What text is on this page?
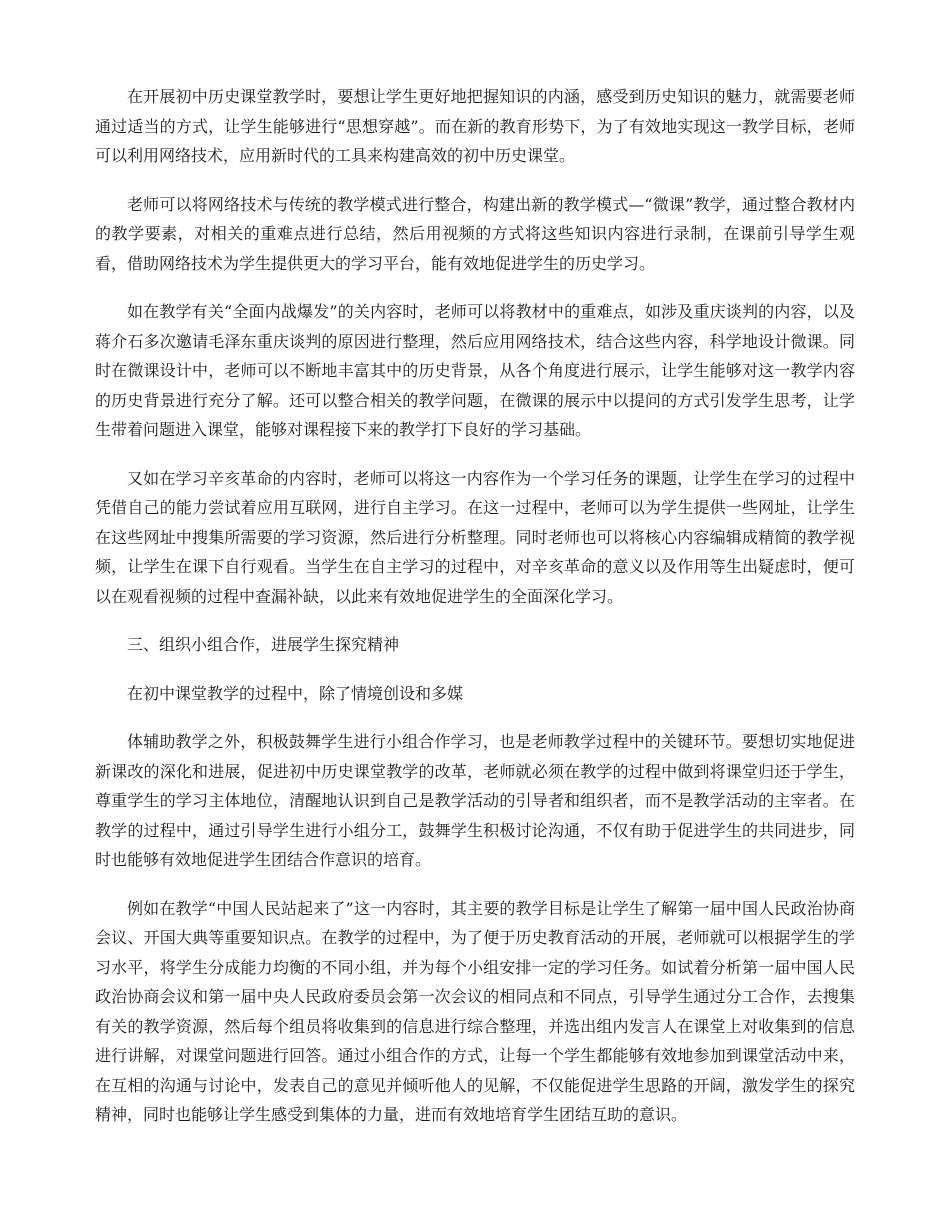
在开展初中历史课堂教学时，要想让学生更好地把握知识的内涵，感受到历史知识的魅力，就需要老师通过适当的方式，让学生能够进行“思想穿越”。而在新的教育形势下，为了有效地实现这一教学目标，老师可以利用网络技术，应用新时代的工具来构建高效的初中历史课堂。

老师可以将网络技术与传统的教学模式进行整合，构建出新的教学模式—“微课”教学，通过整合教材内的教学要素，对相关的重难点进行总结，然后用视频的方式将这些知识内容进行录制，在课前引导学生观看，借助网络技术为学生提供更大的学习平台，能有效地促进学生的历史学习。

如在教学有关“全面内战爆发”的关内容时，老师可以将教材中的重难点，如涉及重庆谈判的内容，以及蒋介石多次邀请毛泽东重庆谈判的原因进行整理，然后应用网络技术，结合这些内容，科学地设计微课。同时在微课设计中，老师可以不断地丰富其中的历史背景，从各个角度进行展示，让学生能够对这一教学内容的历史背景进行充分了解。还可以整合相关的教学问题，在微课的展示中以提问的方式引发学生思考，让学生带着问题进入课堂，能够对课程接下来的教学打下良好的学习基础。

又如在学习辛亥革命的内容时，老师可以将这一内容作为一个学习任务的课题，让学生在学习的过程中凭借自己的能力尝试着应用互联网，进行自主学习。在这一过程中，老师可以为学生提供一些网址，让学生在这些网址中搜集所需要的学习资源，然后进行分析整理。同时老师也可以将核心内容编辑成精简的教学视频，让学生在课下自行观看。当学生在自主学习的过程中，对辛亥革命的意义以及作用等生出疑虑时，便可以在观看视频的过程中查漏补缺，以此来有效地促进学生的全面深化学习。

三、组织小组合作，进展学生探究精神

在初中课堂教学的过程中，除了情境创设和多媒

体辅助教学之外，积极鼓舞学生进行小组合作学习，也是老师教学过程中的关键环节。要想切实地促进新课改的深化和进展，促进初中历史课堂教学的改革，老师就必须在教学的过程中做到将课堂归还于学生，尊重学生的学习主体地位，清醒地认识到自己是教学活动的引导者和组织者，而不是教学活动的主宰者。在教学的过程中，通过引导学生进行小组分工，鼓舞学生积极讨论沟通，不仅有助于促进学生的共同进步，同时也能够有效地促进学生团结合作意识的培育。

例如在教学“中国人民站起来了”这一内容时，其主要的教学目标是让学生了解第一届中国人民政治协商会议、开国大典等重要知识点。在教学的过程中，为了便于历史教育活动的开展，老师就可以根据学生的学习水平，将学生分成能力均衡的不同小组，并为每个小组安排一定的学习任务。如试着分析第一届中国人民政治协商会议和第一届中央人民政府委员会第一次会议的相同点和不同点，引导学生通过分工合作，去搜集有关的教学资源，然后每个组员将收集到的信息进行综合整理，并选出组内发言人在课堂上对收集到的信息进行讲解，对课堂问题进行回答。通过小组合作的方式，让每一个学生都能够有效地参加到课堂活动中来，在互相的沟通与讨论中，发表自己的意见并倾听他人的见解，不仅能促进学生思路的开阔，激发学生的探究精神，同时也能够让学生感受到集体的力量，进而有效地培育学生团结互助的意识。
